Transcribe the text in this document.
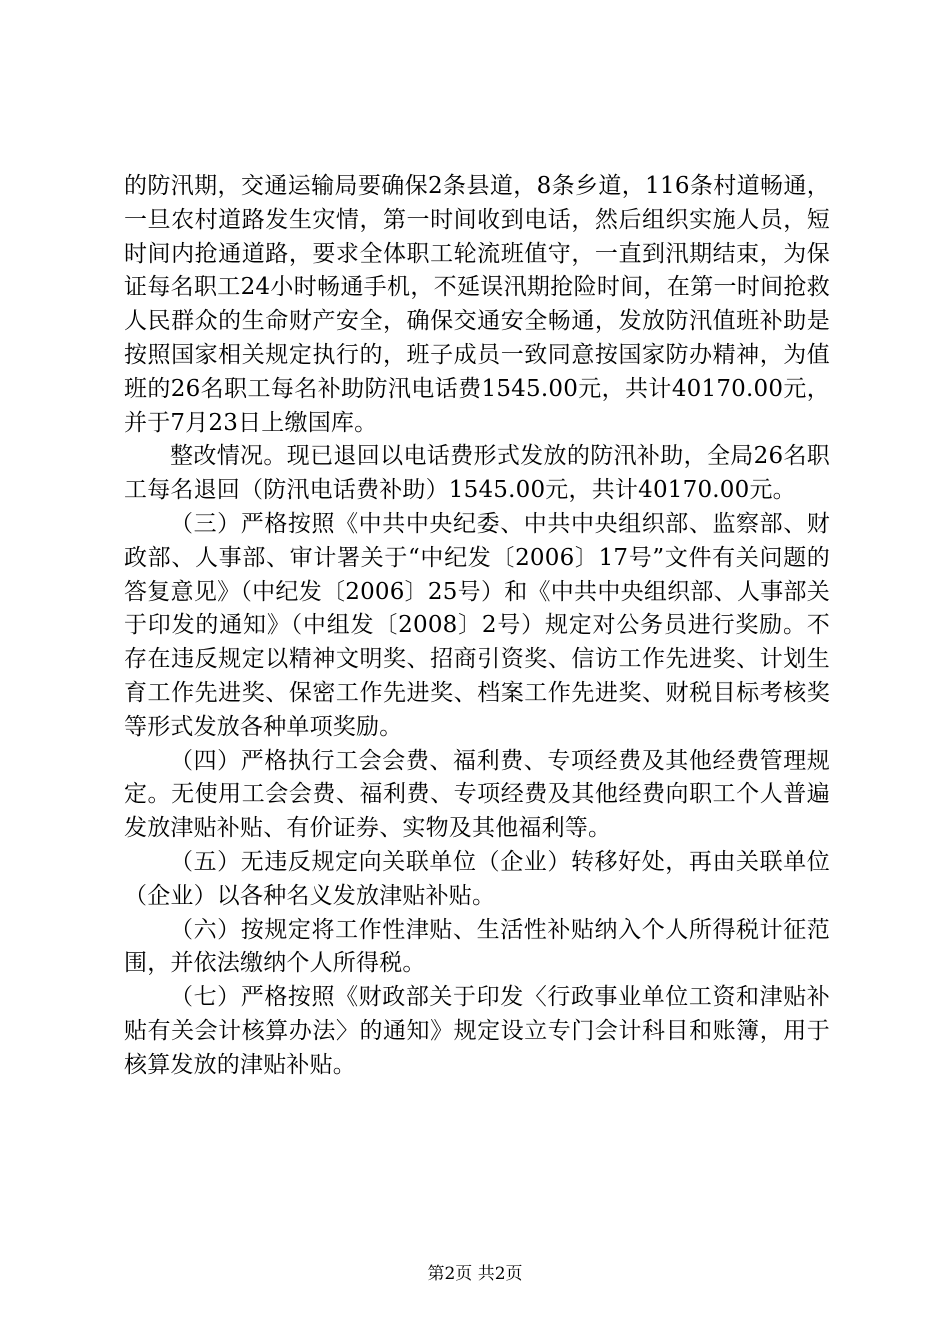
的防汛期，交通运输局要确保2条县道，8条乡道，116条村道畅通，一旦农村道路发生灾情，第一时间收到电话，然后组织实施人员，短时间内抢通道路，要求全体职工轮流班值守，一直到汛期结束，为保证每名职工24小时畅通手机，不延误汛期抢险时间，在第一时间抢救人民群众的生命财产安全，确保交通安全畅通，发放防汛值班补助是按照国家相关规定执行的，班子成员一致同意按国家防办精神，为值班的26名职工每名补助防汛电话费1545.00元，共计40170.00元，并于7月23日上缴国库。

整改情况。现已退回以电话费形式发放的防汛补助，全局26名职工每名退回（防汛电话费补助）1545.00元，共计40170.00元。

（三）严格按照《中共中央纪委、中共中央组织部、监察部、财政部、人事部、审计署关于“中纪发〔2006〕17号”文件有关问题的答复意见》（中纪发〔2006〕25号）和《中共中央组织部、人事部关于印发的通知》（中组发〔2008〕2号）规定对公务员进行奖励。不存在违反规定以精神文明奖、招商引资奖、信访工作先进奖、计划生育工作先进奖、保密工作先进奖、档案工作先进奖、财税目标考核奖等形式发放各种单项奖励。

（四）严格执行工会会费、福利费、专项经费及其他经费管理规定。无使用工会会费、福利费、专项经费及其他经费向职工个人普遍发放津贴补贴、有价证券、实物及其他福利等。

（五）无违反规定向关联单位（企业）转移好处，再由关联单位（企业）以各种名义发放津贴补贴。

（六）按规定将工作性津贴、生活性补贴纳入个人所得税计征范围，并依法缴纳个人所得税。

（七）严格按照《财政部关于印发〈行政事业单位工资和津贴补贴有关会计核算办法〉的通知》规定设立专门会计科目和账簿，用于核算发放的津贴补贴。

第2页 共2页
